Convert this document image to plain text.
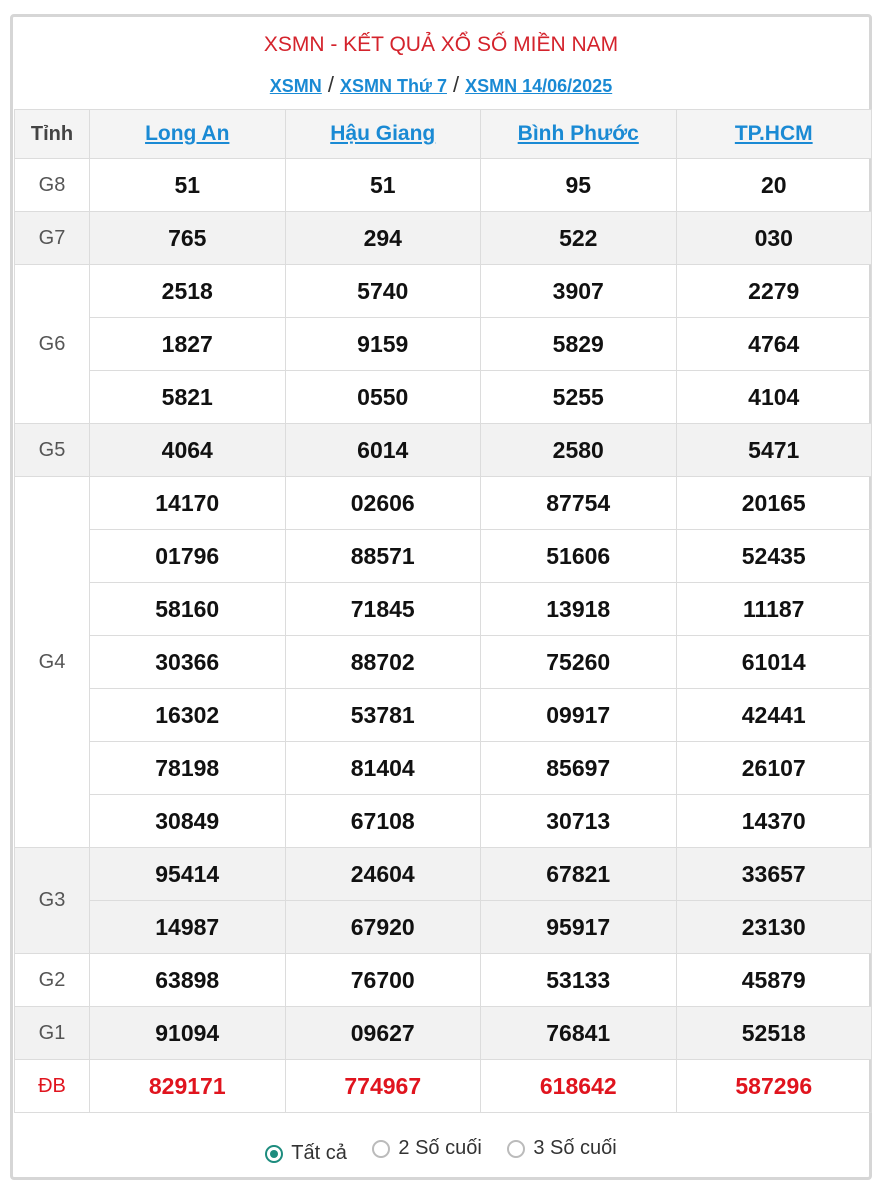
XSMN - KẾT QUẢ XỔ SỐ MIỀN NAM
XSMN / XSMN Thứ 7 / XSMN 14/06/2025
Tỉnh	Long An	Hậu Giang	Bình Phước	TP.HCM
G8	51	51	95	20
G7	765	294	522	030
G6	2518	5740	3907	2279
	1827	9159	5829	4764
	5821	0550	5255	4104
G5	4064	6014	2580	5471
G4	14170	02606	87754	20165
	01796	88571	51606	52435
	58160	71845	13918	11187
	30366	88702	75260	61014
	16302	53781	09917	42441
	78198	81404	85697	26107
	30849	67108	30713	14370
G3	95414	24604	67821	33657
	14987	67920	95917	23130
G2	63898	76700	53133	45879
G1	91094	09627	76841	52518
ĐB	829171	774967	618642	587296
Tất cả
	2 Số cuối
	3 Số cuối
